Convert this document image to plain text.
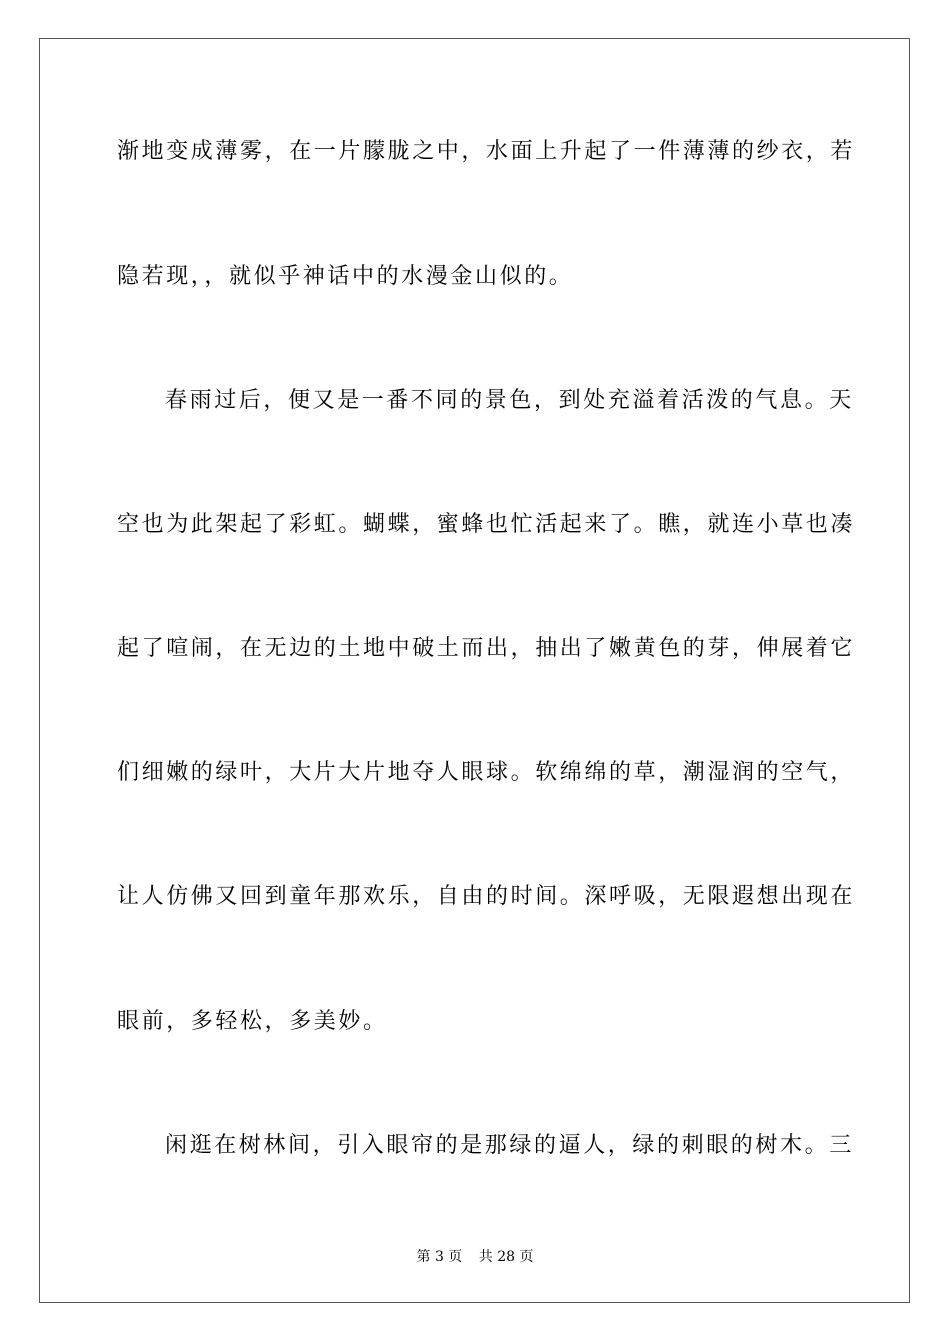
渐地变成薄雾，在一片朦胧之中，水面上升起了一件薄薄的纱衣，若
隐若现，，就似乎神话中的水漫金山似的。
春雨过后，便又是一番不同的景色，到处充溢着活泼的气息。天
空也为此架起了彩虹。蝴蝶，蜜蜂也忙活起来了。瞧，就连小草也凑
起了喧闹，在无边的土地中破土而出，抽出了嫩黄色的芽，伸展着它
们细嫩的绿叶，大片大片地夺人眼球。软绵绵的草，潮湿润的空气，
让人仿佛又回到童年那欢乐，自由的时间。深呼吸，无限遐想出现在
眼前，多轻松，多美妙。
闲逛在树林间，引入眼帘的是那绿的逼人，绿的刺眼的树木。三
第 3 页 共 28 页
